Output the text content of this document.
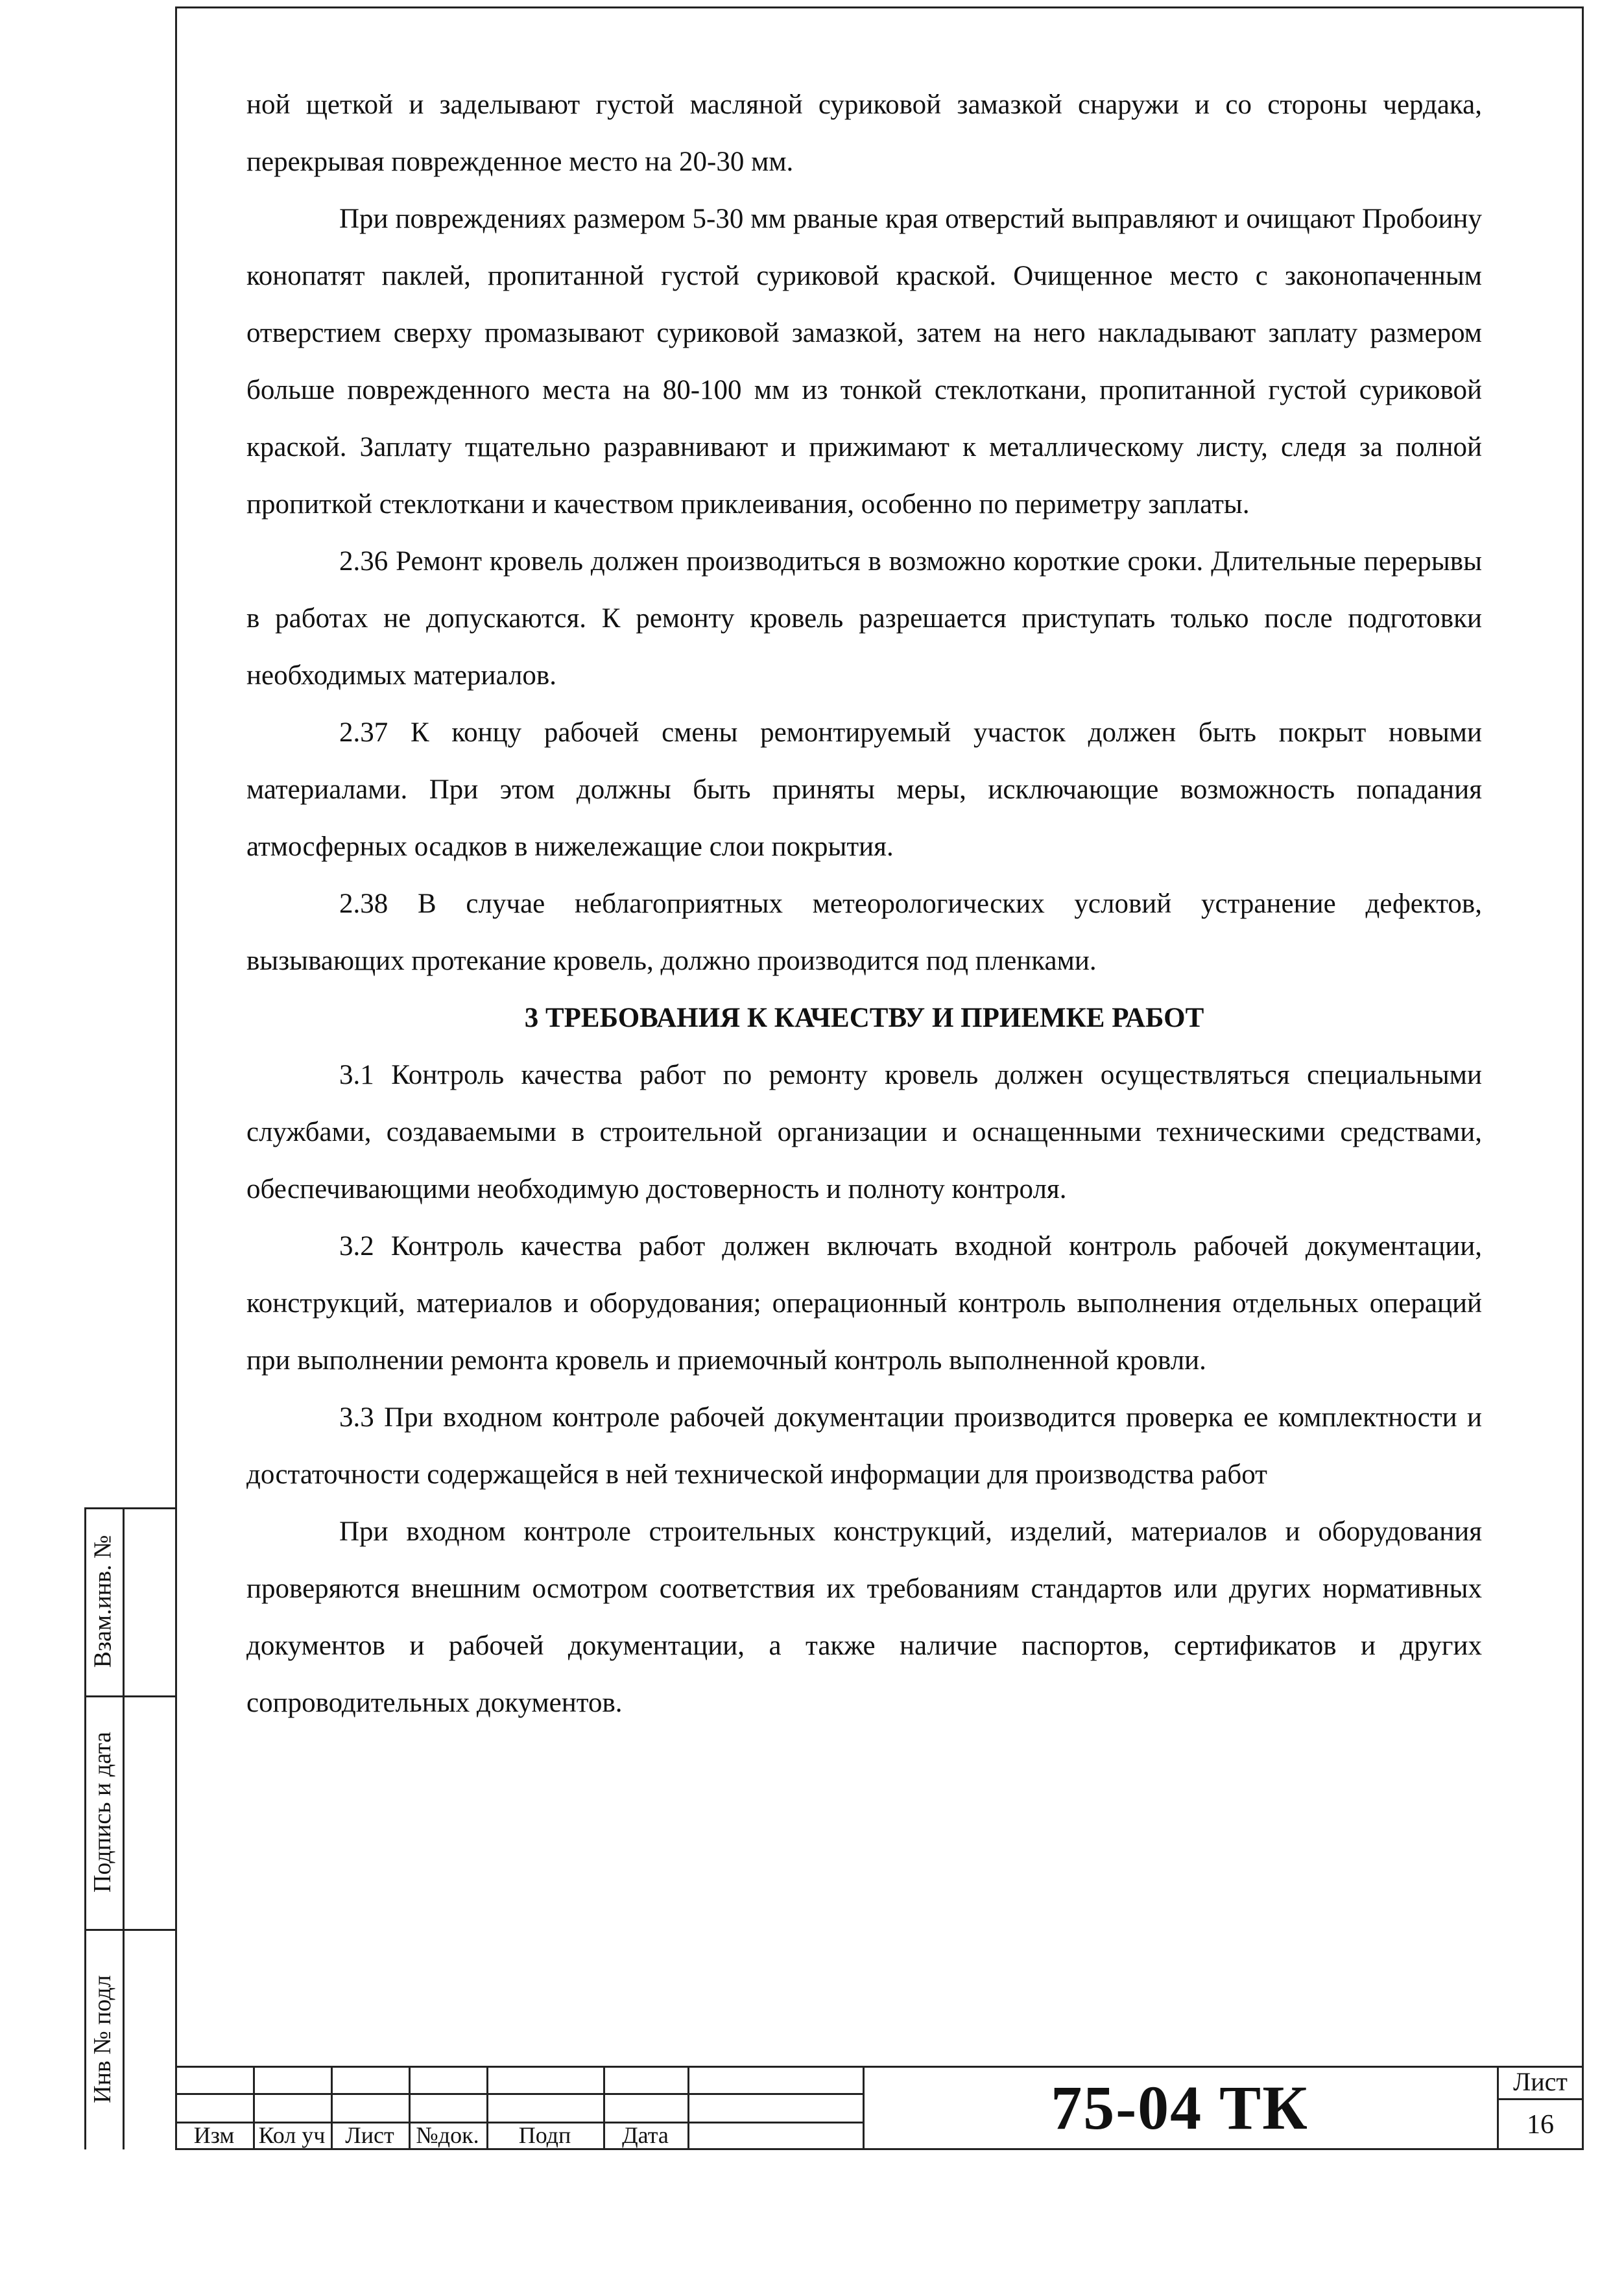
ной щеткой и заделывают густой масляной суриковой замазкой снаружи и со стороны чердака, перекрывая поврежденное место на 20-30 мм.

При повреждениях размером 5-30 мм рваные края отверстий выправляют и очищают Пробоину конопатят паклей, пропитанной густой суриковой краской. Очищенное место с законопаченным отверстием сверху промазывают суриковой замазкой, затем на него накладывают заплату размером больше поврежденного места на 80-100 мм из тонкой стеклоткани, пропитанной густой суриковой краской. Заплату тщательно разравнивают и прижимают к металлическому листу, следя за полной пропиткой стеклоткани и качеством приклеивания, особенно по периметру заплаты.

2.36 Ремонт кровель должен производиться в возможно короткие сроки. Длительные перерывы в работах не допускаются. К ремонту кровель разрешается приступать только после подготовки необходимых материалов.

2.37 К концу рабочей смены ремонтируемый участок должен быть покрыт новыми материалами. При этом должны быть приняты меры, исключающие возможность попадания атмосферных осадков в нижележащие слои покрытия.

2.38 В случае неблагоприятных метеорологических условий устранение дефектов, вызывающих протекание кровель, должно производится под пленками.

3 ТРЕБОВАНИЯ К КАЧЕСТВУ И ПРИЕМКЕ РАБОТ

3.1 Контроль качества работ по ремонту кровель должен осуществляться специальными службами, создаваемыми в строительной организации и оснащенными техническими средствами, обеспечивающими необходимую достоверность и полноту контроля.

3.2 Контроль качества работ должен включать входной контроль рабочей документации, конструкций, материалов и оборудования; операционный контроль выполнения отдельных операций при выполнении ремонта кровель и приемочный контроль выполненной кровли.

3.3 При входном контроле рабочей документации производится проверка ее комплектности и достаточности содержащейся в ней технической информации для производства работ

При входном контроле строительных конструкций, изделий, материалов и оборудования проверяются внешним осмотром соответствия их требованиям стандартов или других нормативных документов и рабочей документации, а также наличие паспортов, сертификатов и других сопроводительных документов.

Взам.инв. №
Подпись и дата
Инв № подл
Изм	Кол уч Лист №док.	Подп	Дата	75-04 ТК	Лист
16
